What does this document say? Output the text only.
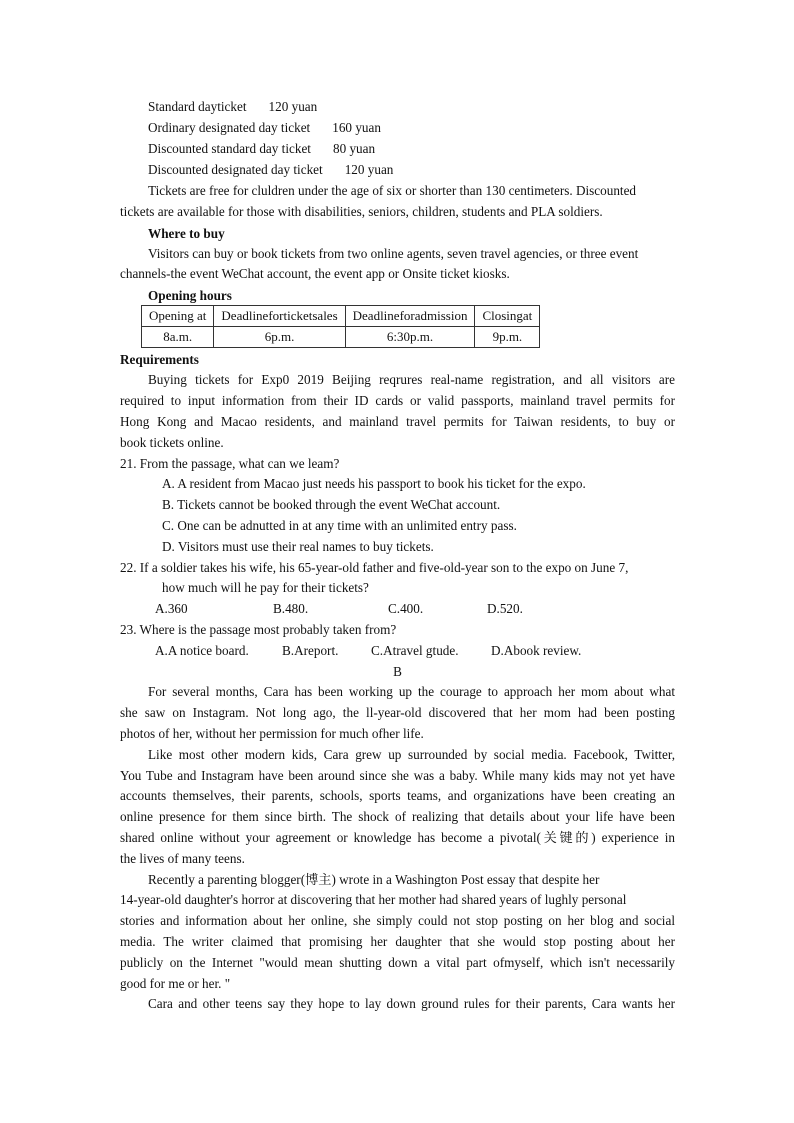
Standard dayticket 120 yuan
Ordinary designated day ticket 160 yuan
Discounted standard day ticket 80 yuan
Discounted designated day ticket 120 yuan
Tickets are free for cluldren under the age of six or shorter than 130 centimeters. Discounted
tickets are available for those with disabilities, seniors, children, students and PLA soldiers.
Where to buy
Visitors can buy or book tickets from two online agents, seven travel agencies, or three event
channels-the event WeChat account, the event app or Onsite ticket kiosks.
Opening hours
Opening at	Deadlineforticketsales	Deadlineforadmission	Closingat
8a.m.	6p.m.	6:30p.m.	9p.m.
Requirements
Buying tickets for Exp0 2019 Beijing reqrures real-name registration, and all visitors are
required to input information from their ID cards or valid passports, mainland travel permits for
Hong Kong and Macao residents, and mainland travel permits for Taiwan residents, to buy or
book tickets online.
21. From the passage, what can we leam?
A. A resident from Macao just needs his passport to book his ticket for the expo.
B. Tickets cannot be booked through the event WeChat account.
C. One can be adnutted in at any time with an unlimited entry pass.
D. Visitors must use their real names to buy tickets.
22. If a soldier takes his wife, his 65-year-old father and five-old-year son to the expo on June 7,
how much will he pay for their tickets?
A.360	B.480.	C.400.	D.520.
23. Where is the passage most probably taken from?
A.A notice board.	B.Areport. C.Atravel gtude. D.Abook review.
B
For several months, Cara has been working up the courage to approach her mom about what
she saw on Instagram. Not long ago, the ll-year-old discovered that her mom had been posting
photos of her, without her permission for much ofher life.
Like most other modern kids, Cara grew up surrounded by social media. Facebook, Twitter,
You Tube and Instagram have been around since she was a baby. While many kids may not yet have
accounts themselves, their parents, schools, sports teams, and organizations have been creating an
online presence for them since birth. The shock of realizing that details about your life have been
shared online without your agreement or knowledge has become a pivotal(关键的) experience in
the lives of many teens.
Recently a parenting blogger(博主) wrote in a Washington Post essay that despite her
14-year-old daughter's horror at discovering that her mother had shared years of lughly personal
stories and information about her online, she simply could not stop posting on her blog and social
media. The writer claimed that promising her daughter that she would stop posting about her
publicly on the Internet "would mean shutting down a vital part ofmyself, which isn't necessarily
good for me or her. "
Cara and other teens say they hope to lay down ground rules for their parents, Cara wants her
